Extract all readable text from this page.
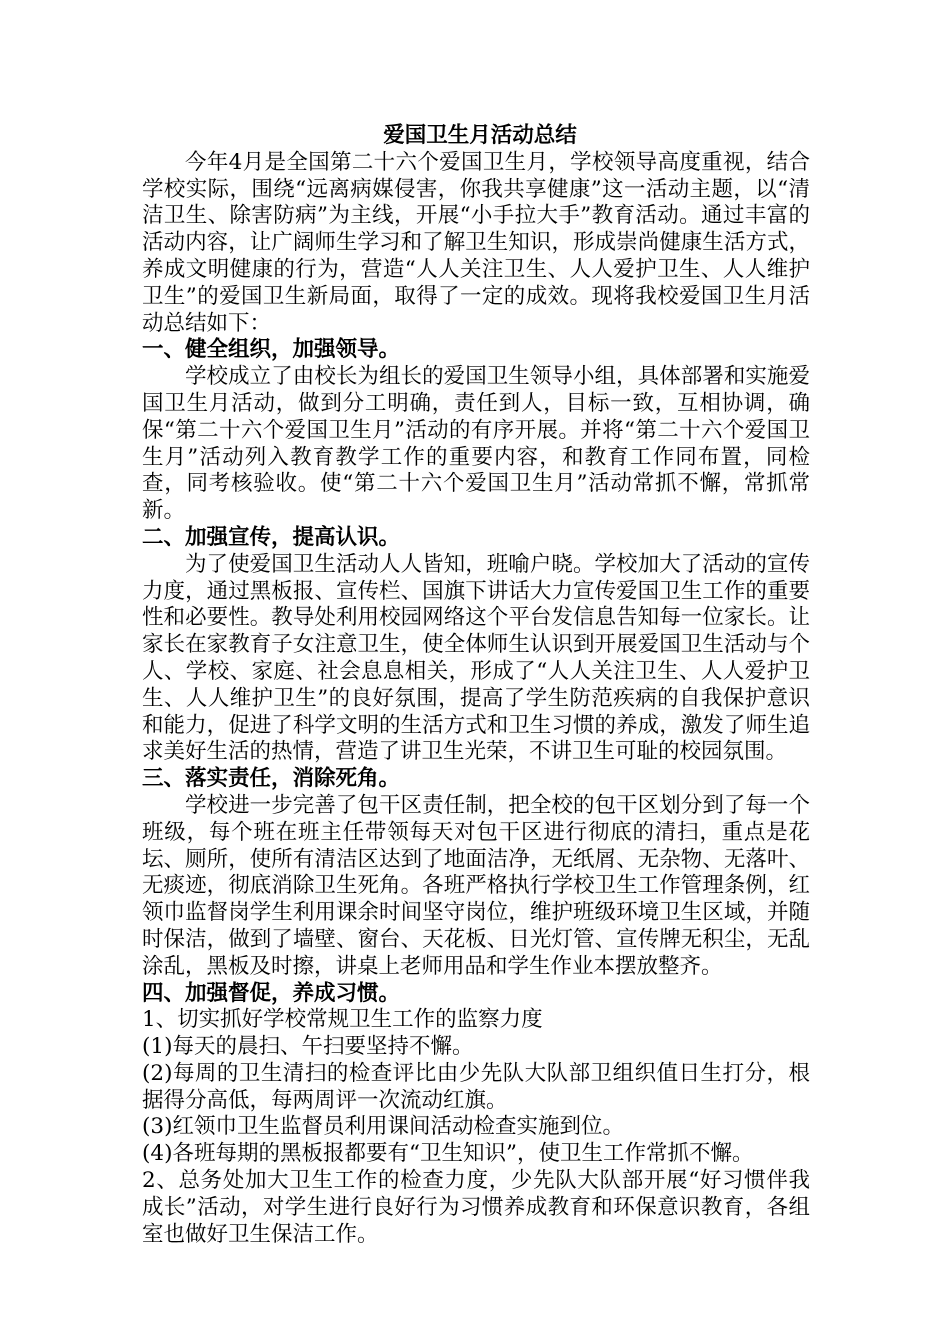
爱国卫生月活动总结

今年4月是全国第二十六个爱国卫生月，学校领导高度重视，结合学校实际，围绕“远离病媒侵害，你我共享健康”这一活动主题，以“清洁卫生、除害防病”为主线，开展“小手拉大手”教育活动。通过丰富的活动内容，让广阔师生学习和了解卫生知识，形成崇尚健康生活方式，养成文明健康的行为，营造“人人关注卫生、人人爱护卫生、人人维护卫生”的爱国卫生新局面，取得了一定的成效。现将我校爱国卫生月活动总结如下：

一、健全组织，加强领导。

学校成立了由校长为组长的爱国卫生领导小组，具体部署和实施爱国卫生月活动，做到分工明确，责任到人，目标一致，互相协调，确保“第二十六个爱国卫生月”活动的有序开展。并将“第二十六个爱国卫生月”活动列入教育教学工作的重要内容，和教育工作同布置，同检查，同考核验收。使“第二十六个爱国卫生月”活动常抓不懈，常抓常新。

二、加强宣传，提高认识。

为了使爱国卫生活动人人皆知，班喻户晓。学校加大了活动的宣传力度，通过黑板报、宣传栏、国旗下讲话大力宣传爱国卫生工作的重要性和必要性。教导处利用校园网络这个平台发信息告知每一位家长。让家长在家教育子女注意卫生，使全体师生认识到开展爱国卫生活动与个人、学校、家庭、社会息息相关，形成了“人人关注卫生、人人爱护卫生、人人维护卫生”的良好氛围，提高了学生防范疾病的自我保护意识和能力，促进了科学文明的生活方式和卫生习惯的养成，激发了师生追求美好生活的热情，营造了讲卫生光荣，不讲卫生可耻的校园氛围。

三、落实责任，消除死角。

学校进一步完善了包干区责任制，把全校的包干区划分到了每一个班级，每个班在班主任带领每天对包干区进行彻底的清扫，重点是花坛、厕所，使所有清洁区达到了地面洁净，无纸屑、无杂物、无落叶、无痰迹，彻底消除卫生死角。各班严格执行学校卫生工作管理条例，红领巾监督岗学生利用课余时间坚守岗位，维护班级环境卫生区域，并随时保洁，做到了墙壁、窗台、天花板、日光灯管、宣传牌无积尘，无乱涂乱，黑板及时擦，讲桌上老师用品和学生作业本摆放整齐。

四、加强督促，养成习惯。

1、切实抓好学校常规卫生工作的监察力度

(1)每天的晨扫、午扫要坚持不懈。

(2)每周的卫生清扫的检查评比由少先队大队部卫组织值日生打分，根据得分高低，每两周评一次流动红旗。

(3)红领巾卫生监督员利用课间活动检查实施到位。

(4)各班每期的黑板报都要有“卫生知识”，使卫生工作常抓不懈。

2、总务处加大卫生工作的检查力度，少先队大队部开展“好习惯伴我成长”活动，对学生进行良好行为习惯养成教育和环保意识教育，各组室也做好卫生保洁工作。
